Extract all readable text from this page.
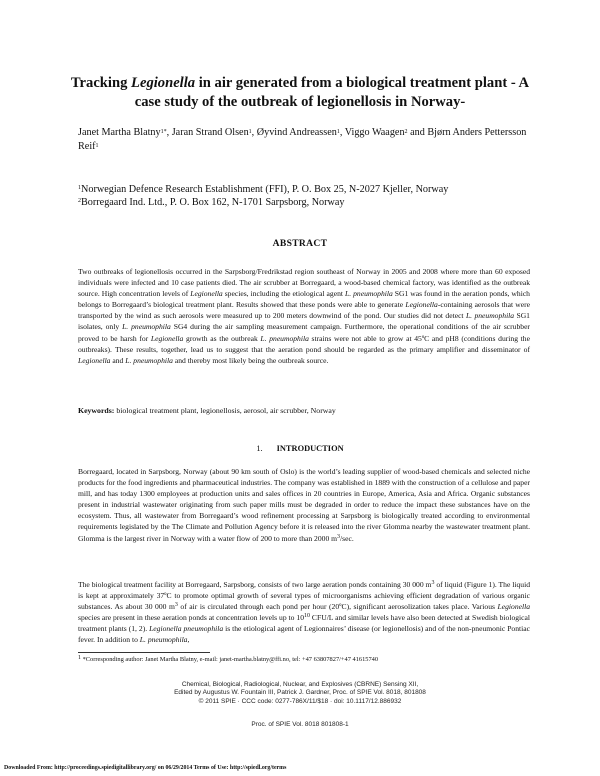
Tracking Legionella in air generated from a biological treatment plant - A case study of the outbreak of legionellosis in Norway-
Janet Martha Blatny$^{1*}$, Jaran Strand Olsen$^1$, Øyvind Andreassen$^1$, Viggo Waagen$^2$ and Bjørn Anders Pettersson Reif$^1$
$^1$Norwegian Defence Research Establishment (FFI), P. O. Box 25, N-2027 Kjeller, Norway
$^2$Borregaard Ind. Ltd., P. O. Box 162, N-1701 Sarpsborg, Norway
ABSTRACT
Two outbreaks of legionellosis occurred in the Sarpsborg/Fredrikstad region southeast of Norway in 2005 and 2008 where more than 60 exposed individuals were infected and 10 case patients died. The air scrubber at Borregaard, a wood-based chemical factory, was identified as the outbreak source. High concentration levels of Legionella species, including the etiological agent L. pneumophila SG1 was found in the aeration ponds, which belongs to Borregaard’s biological treatment plant. Results showed that these ponds were able to generate Legionella-containing aerosols that were transported by the wind as such aerosols were measured up to 200 meters downwind of the pond. Our studies did not detect L. pneumophila SG1 isolates, only L. pneumophila SG4 during the air sampling measurement campaign. Furthermore, the operational conditions of the air scrubber proved to be harsh for Legionella growth as the outbreak L. pneumophila strains were not able to grow at 45ºC and pH8 (conditions during the outbreaks). These results, together, lead us to suggest that the aeration pond should be regarded as the primary amplifier and disseminator of Legionella and L. pneumophila and thereby most likely being the outbreak source.
Keywords: biological treatment plant, legionellosis, aerosol, air scrubber, Norway
1. INTRODUCTION
Borregaard, located in Sarpsborg, Norway (about 90 km south of Oslo) is the world’s leading supplier of wood-based chemicals and selected niche products for the food ingredients and pharmaceutical industries. The company was established in 1889 with the construction of a cellulose and paper mill, and has today 1300 employees at production units and sales offices in 20 countries in Europe, America, Asia and Africa. Organic substances present in industrial wastewater originating from such paper mills must be degraded in order to reduce the impact these substances have on the ecosystem. Thus, all wastewater from Borregaard’s wood refinement processing at Sarpsborg is biologically treated according to environmental requirements legislated by the The Climate and Pollution Agency before it is released into the river Glomma nearby the wastewater treatment plant. Glomma is the largest river in Norway with a water flow of 200 to more than 2000 $m^3/\sec$.
The biological treatment facility at Borregaard, Sarpsborg, consists of two large aeration ponds containing 30 000 $m^3$ of liquid (Figure 1). The liquid is kept at approximately 37ºC to promote optimal growth of several types of microorganisms achieving efficient degradation of various organic substances. As about 30 000 $m^3$ of air is circulated through each pond per hour (20ºC), significant aerosolization takes place. Various Legionella species are present in these aeration ponds at concentration levels up to $10^{10}$ CFU/L and similar levels have also been detected at Swedish biological treatment plants (1, 2). Legionella pneumophila is the etiological agent of Legionnaires’ disease (or legionellosis) and of the non-pneumonic Pontiac fever. In addition to L. pneumophila,
$^1$ *Corresponding author: Janet Martha Blatny, e-mail: janet-martha.blatny@ffi.no, tel: +47 63807827/+47 41615740
Chemical, Biological, Radiological, Nuclear, and Explosives (CBRNE) Sensing XII,
Edited by Augustus W. Fountain III, Patrick J. Gardner, Proc. of SPIE Vol. 8018, 801808
© 2011 SPIE · CCC code: 0277-786X/11/$18 · doi: 10.1117/12.886932
Proc. of SPIE Vol. 8018 801808-1
Downloaded From: http://proceedings.spiedigitallibrary.org/ on 06/29/2014 Terms of Use: http://spiedl.org/terms
